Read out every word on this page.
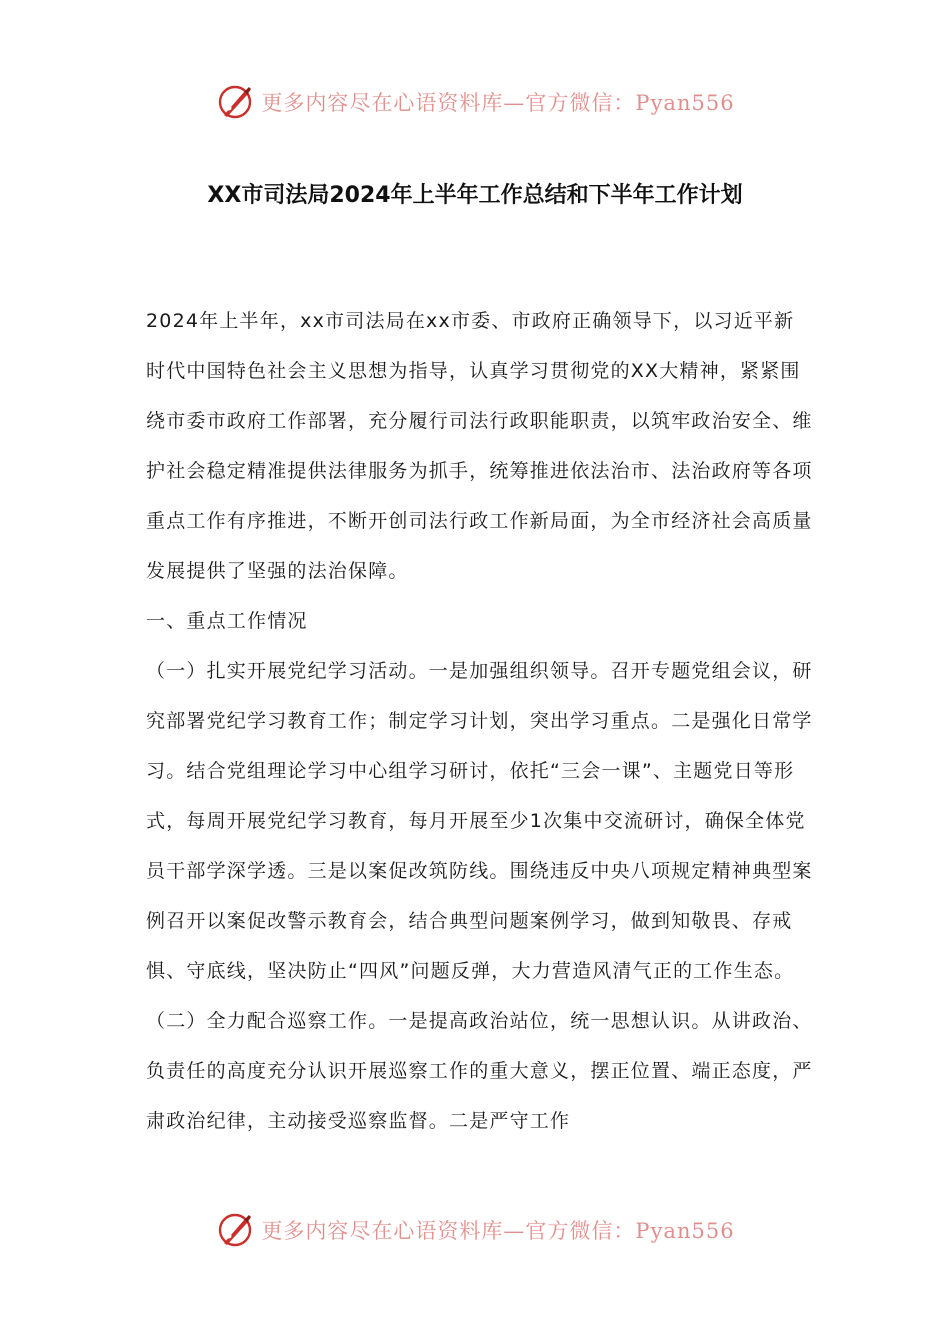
更多内容尽在心语资料库—官方微信：Pyan556
XX市司法局2024年上半年工作总结和下半年工作计划

2024年上半年，xx市司法局在xx市委、市政府正确领导下，以习近平新时代中国特色社会主义思想为指导，认真学习贯彻党的XX大精神，紧紧围绕市委市政府工作部署，充分履行司法行政职能职责，以筑牢政治安全、维护社会稳定精准提供法律服务为抓手，统筹推进依法治市、法治政府等各项重点工作有序推进，不断开创司法行政工作新局面，为全市经济社会高质量发展提供了坚强的法治保障。

一、重点工作情况

（一）扎实开展党纪学习活动。一是加强组织领导。召开专题党组会议，研究部署党纪学习教育工作；制定学习计划，突出学习重点。二是强化日常学习。结合党组理论学习中心组学习研讨，依托“三会一课”、主题党日等形式，每周开展党纪学习教育，每月开展至少1次集中交流研讨，确保全体党员干部学深学透。三是以案促改筑防线。围绕违反中央八项规定精神典型案例召开以案促改警示教育会，结合典型问题案例学习，做到知敬畏、存戒惧、守底线，坚决防止“四风”问题反弹，大力营造风清气正的工作生态。

（二）全力配合巡察工作。一是提高政治站位，统一思想认识。从讲政治、负责任的高度充分认识开展巡察工作的重大意义，摆正位置、端正态度，严肃政治纪律，主动接受巡察监督。二是严守工作

更多内容尽在心语资料库—官方微信：Pyan556
